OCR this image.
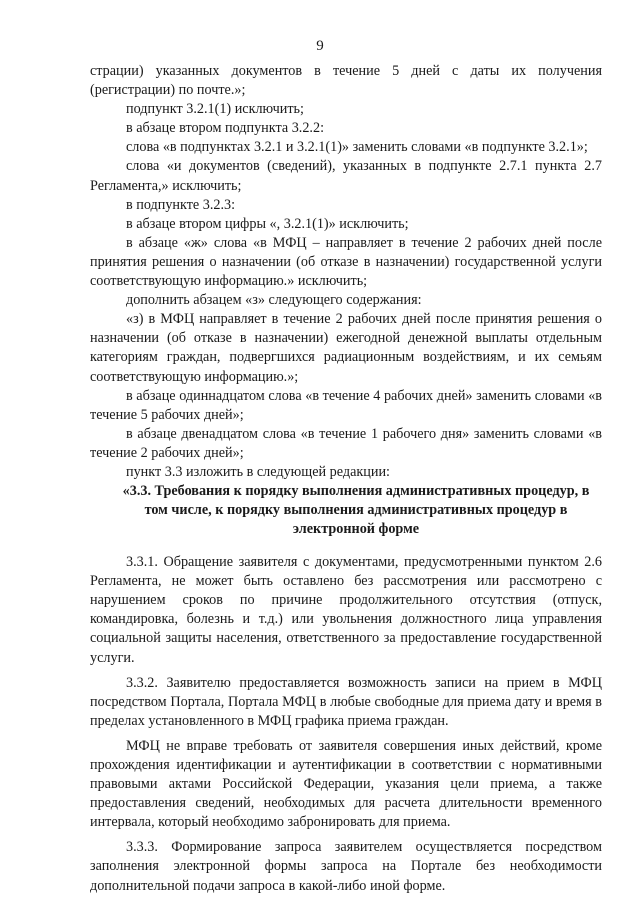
9

страции) указанных документов в течение 5 дней с даты их получения (регистрации) по почте.»;

подпункт 3.2.1(1) исключить;

в абзаце втором подпункта 3.2.2:

слова «в подпунктах 3.2.1 и 3.2.1(1)» заменить словами «в подпункте 3.2.1»;

слова «и документов (сведений), указанных в подпункте 2.7.1 пункта 2.7 Регламента,» исключить;

в подпункте 3.2.3:

в абзаце втором цифры «, 3.2.1(1)» исключить;

в абзаце «ж» слова «в МФЦ – направляет в течение 2 рабочих дней после принятия решения о назначении (об отказе в назначении) государственной услуги соответствующую информацию.» исключить;

дополнить абзацем «з» следующего содержания:

«з) в МФЦ направляет в течение 2 рабочих дней после принятия решения о назначении (об отказе в назначении) ежегодной денежной выплаты отдельным категориям граждан, подвергшихся радиационным воздействиям, и их семьям соответствующую информацию.»;

в абзаце одиннадцатом слова «в течение 4 рабочих дней» заменить словами «в течение 5 рабочих дней»;

в абзаце двенадцатом слова «в течение 1 рабочего дня» заменить словами «в течение 2 рабочих дней»;

пункт 3.3 изложить в следующей редакции:

«3.3. Требования к порядку выполнения административных процедур, в том числе, к порядку выполнения административных процедур в электронной форме

3.3.1. Обращение заявителя с документами, предусмотренными пунктом 2.6 Регламента, не может быть оставлено без рассмотрения или рассмотрено с нарушением сроков по причине продолжительного отсутствия (отпуск, командировка, болезнь и т.д.) или увольнения должностного лица управления социальной защиты населения, ответственного за предоставление государственной услуги.

3.3.2. Заявителю предоставляется возможность записи на прием в МФЦ посредством Портала, Портала МФЦ в любые свободные для приема дату и время в пределах установленного в МФЦ графика приема граждан.

МФЦ не вправе требовать от заявителя совершения иных действий, кроме прохождения идентификации и аутентификации в соответствии с нормативными правовыми актами Российской Федерации, указания цели приема, а также предоставления сведений, необходимых для расчета длительности временного интервала, который необходимо забронировать для приема.

3.3.3. Формирование запроса заявителем осуществляется посредством заполнения электронной формы запроса на Портале без необходимости дополнительной подачи запроса в какой-либо иной форме.
